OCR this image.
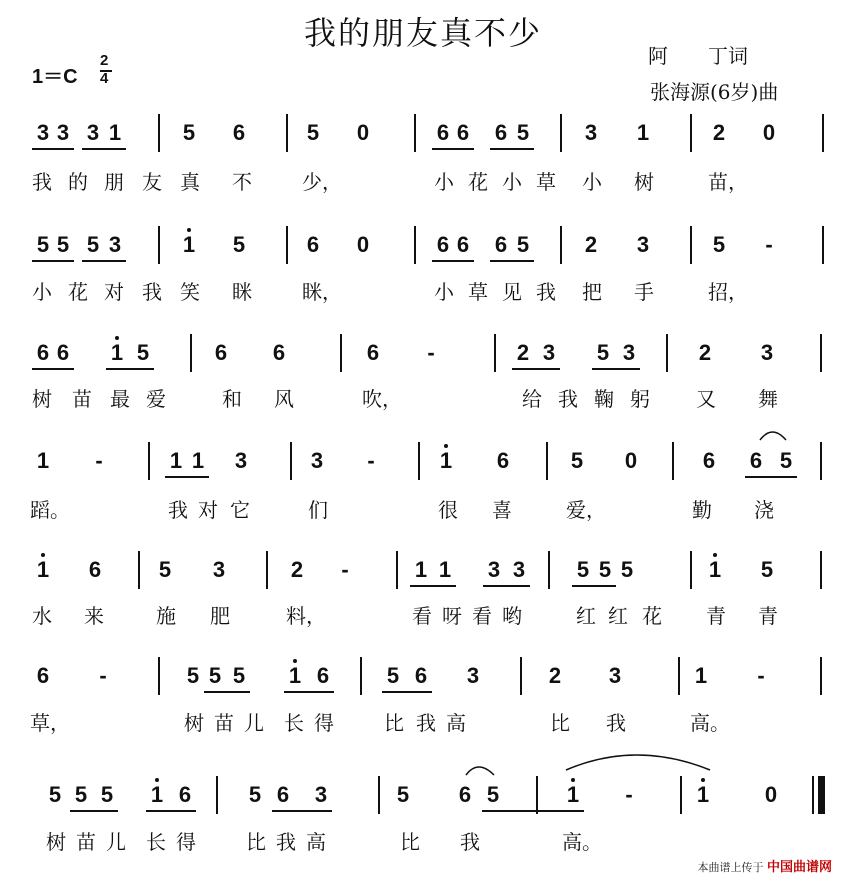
我的朋友真不少
阿　　丁词
张海源(6岁)曲
1＝C
2
4
3 3 3 1	5 6	5 0	6 6 6 5	3 1	2 0
我 的 朋 友 真 不	少，	小 花 小 草 小 树	苗，
5 5 5 3	1 5	6 0	6 6 6 5	2 3	5	-
小 花 对 我 笑 眯	眯，	小 草 见 我 把 手	招，
6 6 1 5	6 6	6	-	2 3 5 3	2 3
树 苗 最 爱	和 风	吹，	给 我 鞠 躬 又 舞
1	-	1 1 3	3	-	1 6	5 0	6 6 5
蹈。	我 对 它	们	很 喜	爱，	勤 浇
1 6	5 3	2	-	1 1 3 3 5 5 5	1 5
水 来	施 肥	料，	看 呀 看 哟	红 红 花 青 青
6	-	5 5 5 1 6	5 6 3	2 3	1	-
草，	树 苗 儿 长 得	比 我 高	比 我	高。
5 5 5 1 6	5 6 3	5 6 5	1	-	1	0
树 苗 儿 长 得	比 我 高	比 我	高。
本曲谱上传于 中国曲谱网
